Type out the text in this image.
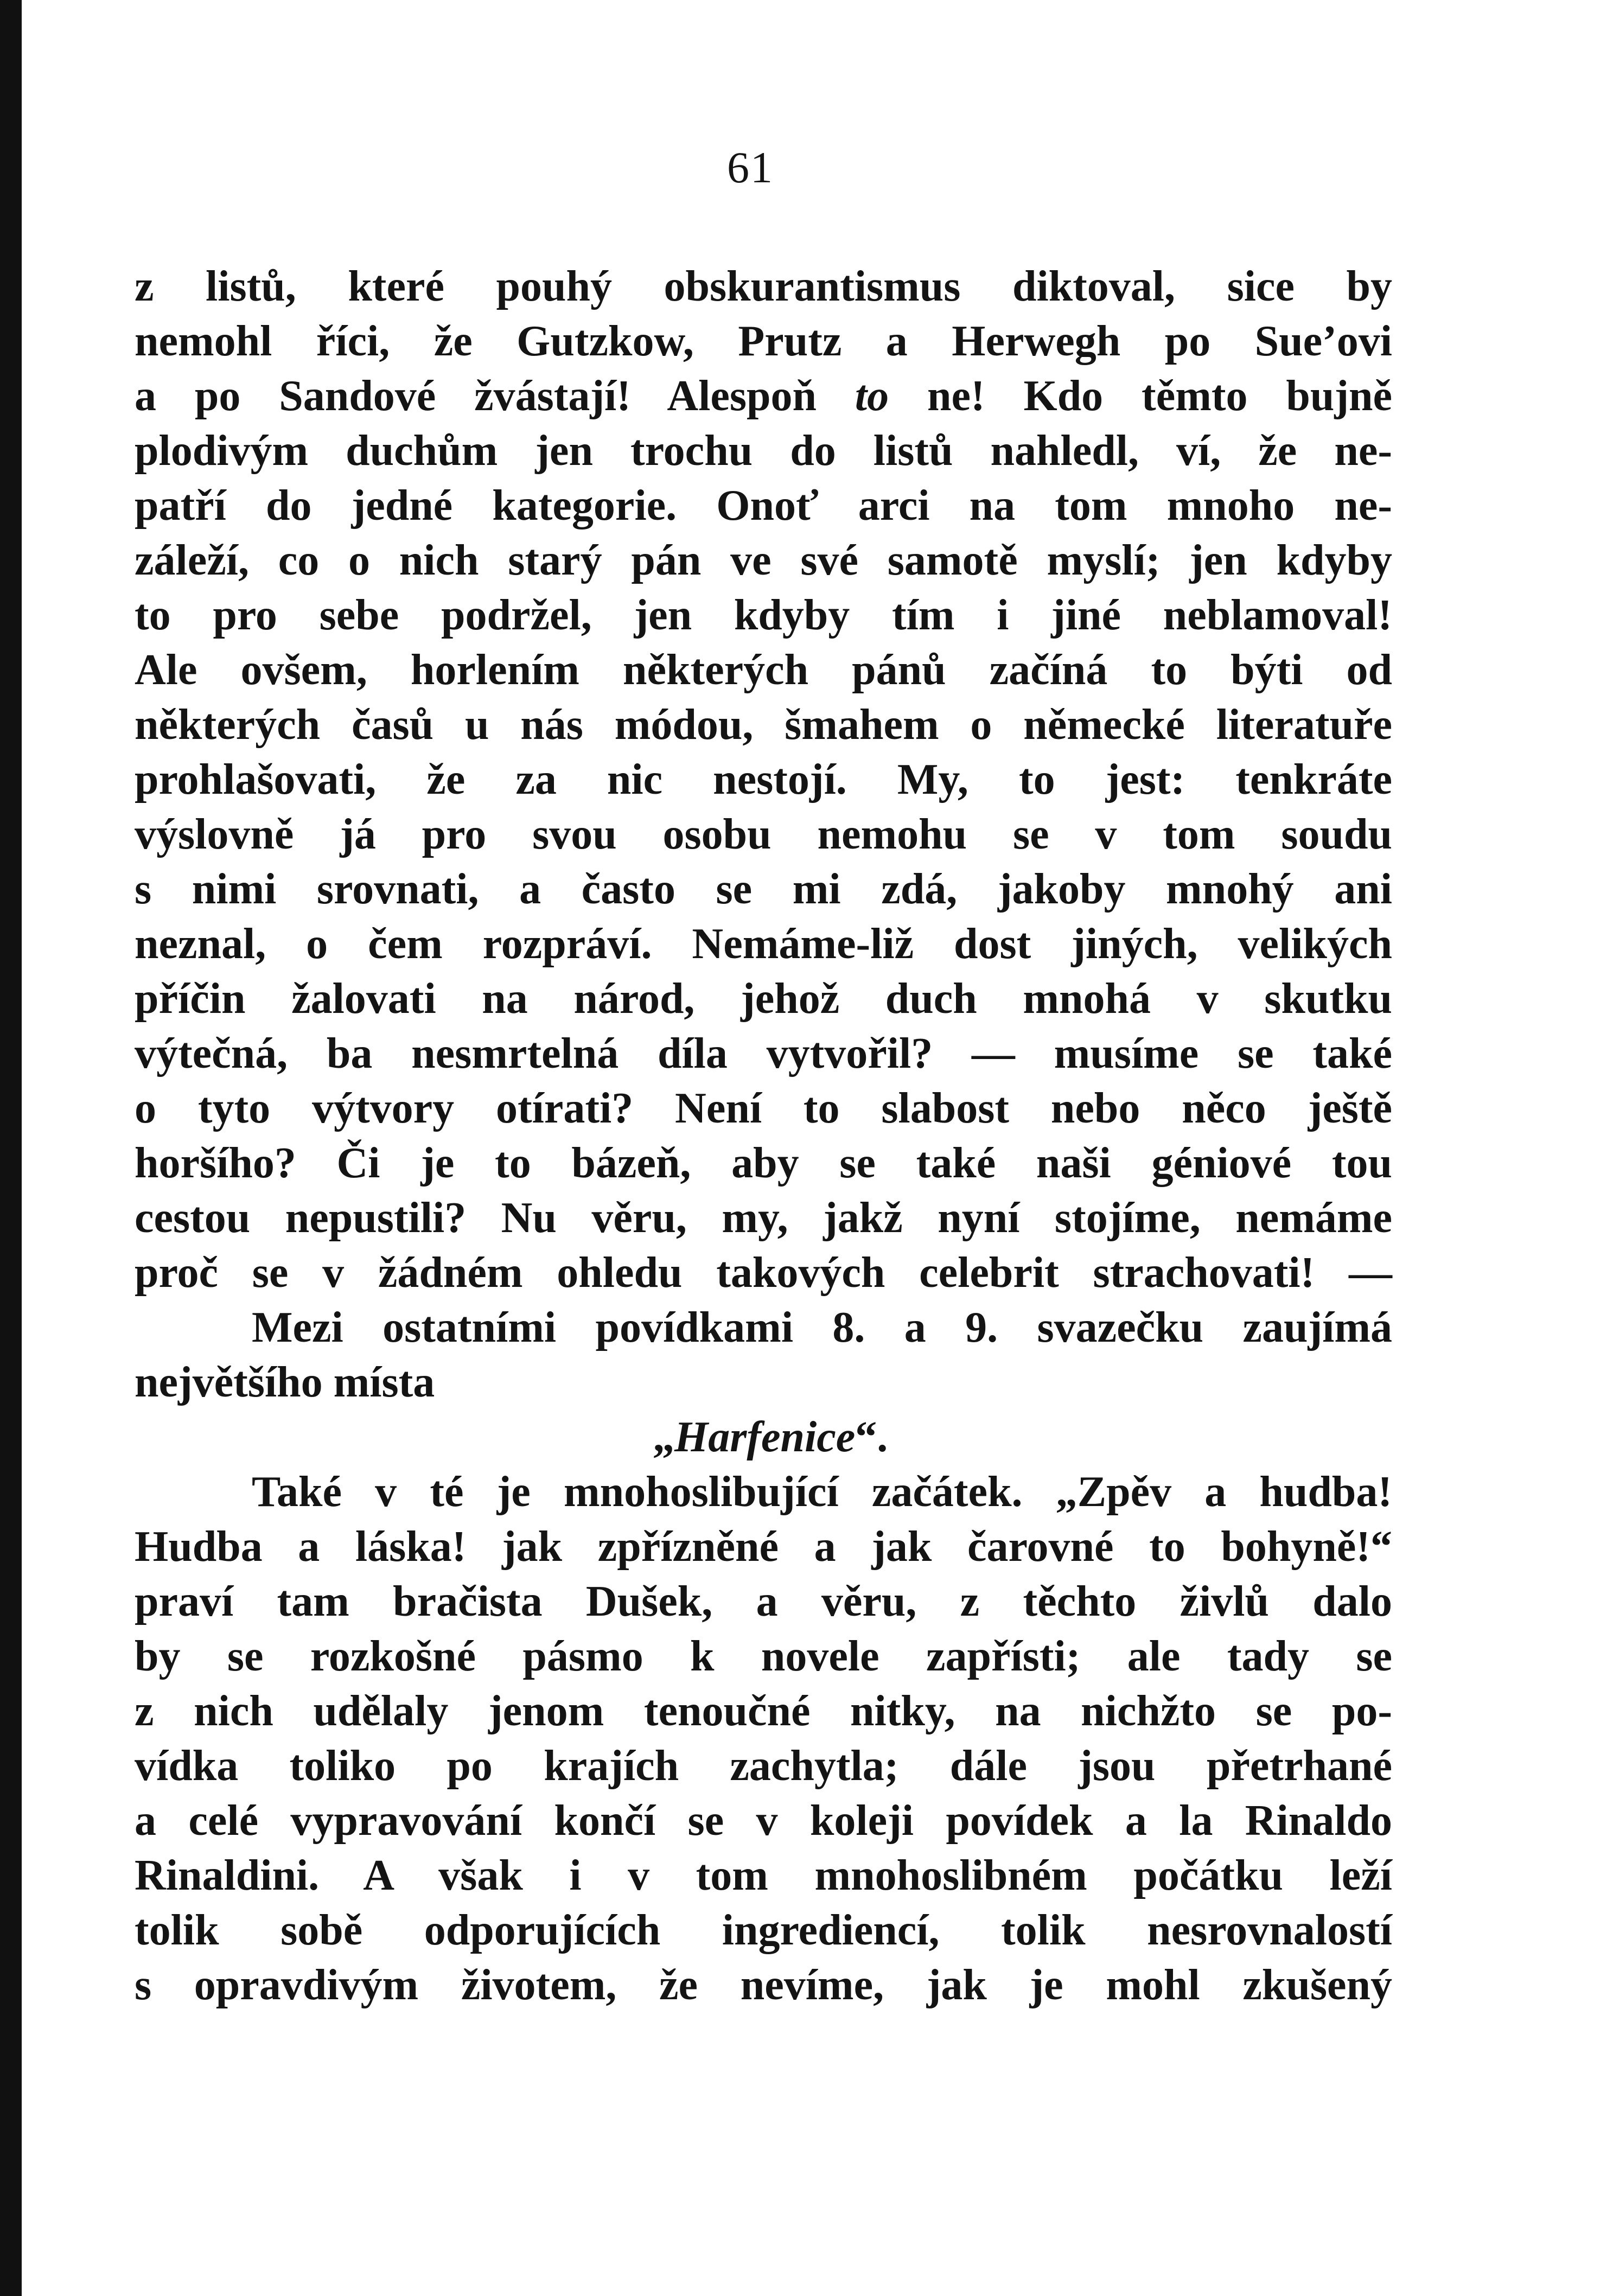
61
z listů, které pouhý obskurantismus diktoval, sice by
nemohl říci, že Gutzkow, Prutz a Herwegh po Sue’ovi
a po Sandové žvástají! Alespoň to ne! Kdo těmto bujně
plodivým duchům jen trochu do listů nahledl, ví, že ne-
patří do jedné kategorie. Onoť arci na tom mnoho ne-
záleží, co o nich starý pán ve své samotě myslí; jen kdyby
to pro sebe podržel, jen kdyby tím i jiné neblamoval!
Ale ovšem, horlením některých pánů začíná to býti od
některých časů u nás módou, šmahem o německé literatuře
prohlašovati, že za nic nestojí. My, to jest: tenkráte
výslovně já pro svou osobu nemohu se v tom soudu
s nimi srovnati, a často se mi zdá, jakoby mnohý ani
neznal, o čem rozpráví. Nemáme-liž dost jiných, velikých
příčin žalovati na národ, jehož duch mnohá v skutku
výtečná, ba nesmrtelná díla vytvořil? — musíme se také
o tyto výtvory otírati? Není to slabost nebo něco ještě
horšího? Či je to bázeň, aby se také naši géniové tou
cestou nepustili? Nu věru, my, jakž nyní stojíme, nemáme
proč se v žádném ohledu takových celebrit strachovati! —
Mezi ostatními povídkami 8. a 9. svazečku zaujímá
největšího místa
„Harfenice“.
Také v té je mnohoslibující začátek. „Zpěv a hudba!
Hudba a láska! jak zpřízněné a jak čarovné to bohyně!“
praví tam bračista Dušek, a věru, z těchto živlů dalo
by se rozkošné pásmo k novele zapřísti; ale tady se
z nich udělaly jenom tenoučné nitky, na nichžto se po-
vídka toliko po krajích zachytla; dále jsou přetrhané
a celé vypravování končí se v koleji povídek a la Rinaldo
Rinaldini. A však i v tom mnohoslibném počátku leží
tolik sobě odporujících ingrediencí, tolik nesrovnalostí
s opravdivým životem, že nevíme, jak je mohl zkušený
